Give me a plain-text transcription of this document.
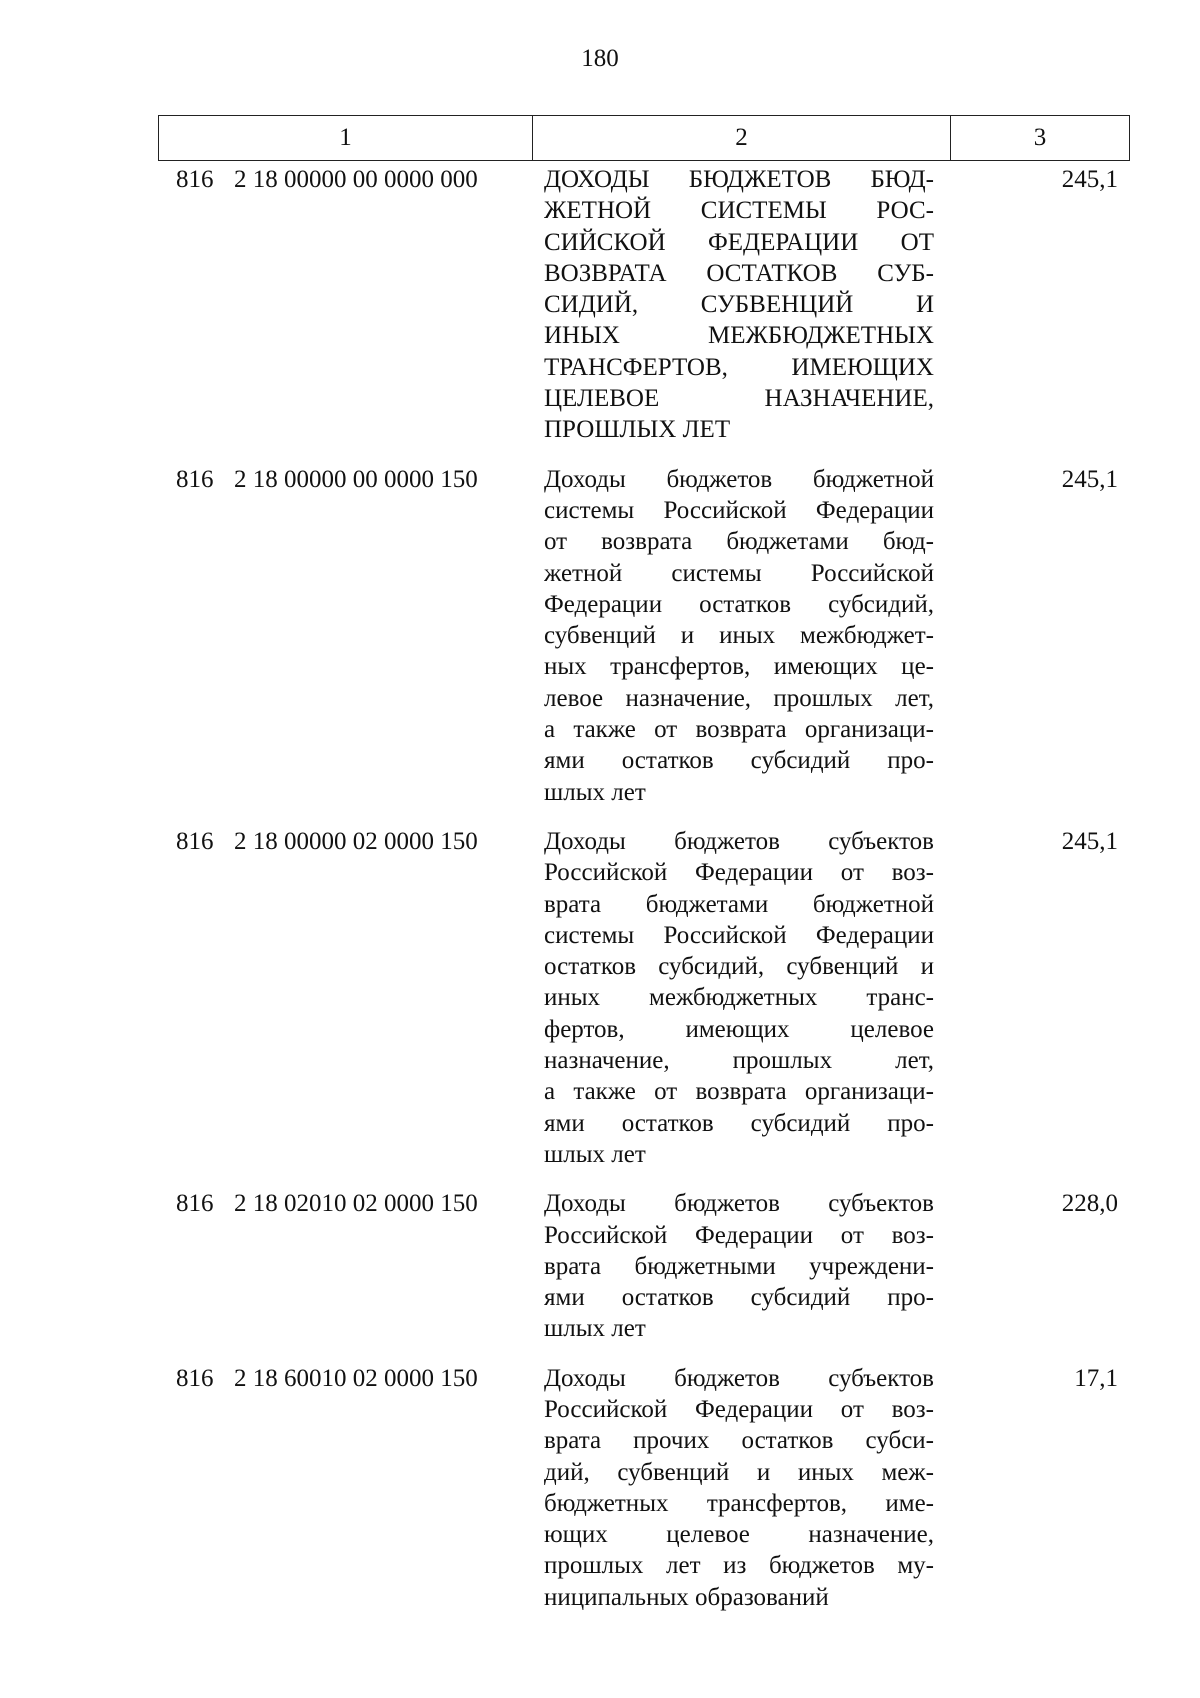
180
1	2	3
816 2 18 00000 00 0000 000	ДОХОДЫ БЮДЖЕТОВ БЮД-
ЖЕТНОЙ СИСТЕМЫ РОС-
СИЙСКОЙ ФЕДЕРАЦИИ ОТ
ВОЗВРАТА ОСТАТКОВ СУБ-
СИДИЙ, СУБВЕНЦИЙ И
ИНЫХ МЕЖБЮДЖЕТНЫХ
ТРАНСФЕРТОВ, ИМЕЮЩИХ
ЦЕЛЕВОЕ НАЗНАЧЕНИЕ,
ПРОШЛЫХ ЛЕТ
245,1
816 2 18 00000 00 0000 150	Доходы бюджетов бюджетной
системы Российской Федерации
от возврата бюджетами бюд-
жетной системы Российской
Федерации остатков субсидий,
субвенций и иных межбюджет-
ных трансфертов, имеющих це-
левое назначение, прошлых лет,
а также от возврата организаци-
ями остатков субсидий про-
шлых лет
245,1
816 2 18 00000 02 0000 150	Доходы бюджетов субъектов
Российской Федерации от воз-
врата бюджетами бюджетной
системы Российской Федерации
остатков субсидий, субвенций и
иных межбюджетных транс-
фертов, имеющих целевое
назначение, прошлых лет,
а также от возврата организаци-
ями остатков субсидий про-
шлых лет
245,1
816 2 18 02010 02 0000 150	Доходы бюджетов субъектов
Российской Федерации от воз-
врата бюджетными учреждени-
ями остатков субсидий про-
шлых лет
228,0
816 2 18 60010 02 0000 150	Доходы бюджетов субъектов
Российской Федерации от воз-
врата прочих остатков субси-
дий, субвенций и иных меж-
бюджетных трансфертов, име-
ющих целевое назначение,
прошлых лет из бюджетов му-
ниципальных образований
17,1
